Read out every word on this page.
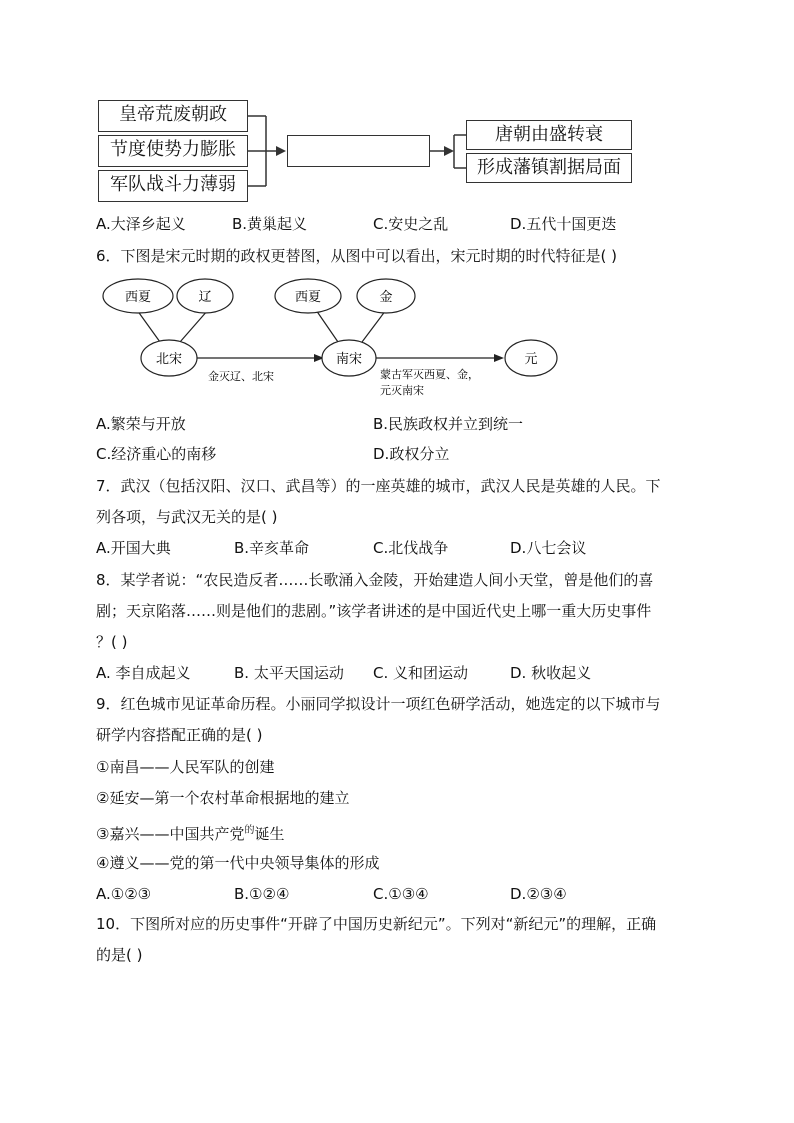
皇帝荒废朝政
节度使势力膨胀
军队战斗力薄弱
唐朝由盛转衰
形成藩镇割据局面
A.大泽乡起义	B.黄巢起义	C.安史之乱	D.五代十国更迭
6．下图是宋元时期的政权更替图，从图中可以看出，宋元时期的时代特征是( )
西夏	辽	西夏	金
北宋	南宋	元
金灭辽、北宋	蒙古军灭西夏、金，
元灭南宋
A.繁荣与开放	B.民族政权并立到统一
C.经济重心的南移	D.政权分立
7．武汉（包括汉阳、汉口、武昌等）的一座英雄的城市，武汉人民是英雄的人民。下
列各项，与武汉无关的是( )
A.开国大典	B.辛亥革命	C.北伐战争	D.八七会议
8．某学者说：“农民造反者……长歌涌入金陵，开始建造人间小天堂，曾是他们的喜
剧；天京陷落……则是他们的悲剧。”该学者讲述的是中国近代史上哪一重大历史事件
？( )
A. 李自成起义	B. 太平天国运动 C. 义和团运动	D. 秋收起义
9．红色城市见证革命历程。小丽同学拟设计一项红色研学活动，她选定的以下城市与
研学内容搭配正确的是( )
①南昌——人民军队的创建
②延安—第一个农村革命根据地的建立
③嘉兴——中国共产党$^的$诞生
④遵义——党的第一代中央领导集体的形成
A.①②③	B.①②④	C.①③④	D.②③④
10．下图所对应的历史事件“开辟了中国历史新纪元”。下列对“新纪元”的理解，正确
的是( )
